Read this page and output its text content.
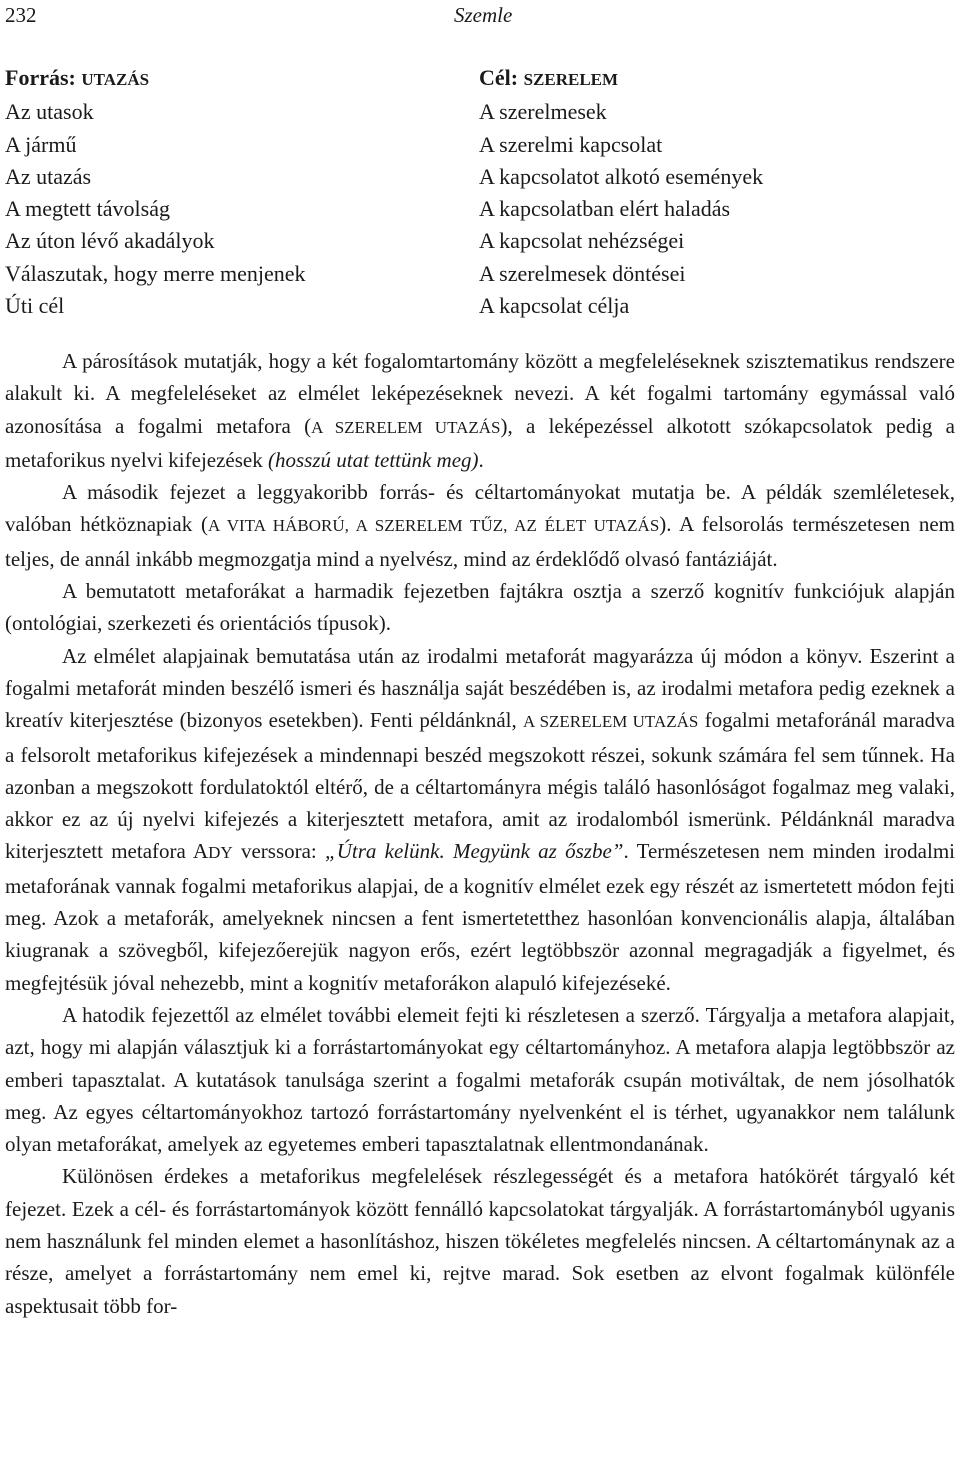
232	Szemle
Forrás: UTAZÁS
Az utasok
A jármű
Az utazás
A megtett távolság
Az úton lévő akadályok
Válaszutak, hogy merre menjenek
Úti cél
Cél: SZERELEM
A szerelmesek
A szerelmi kapcsolat
A kapcsolatot alkotó események
A kapcsolatban elért haladás
A kapcsolat nehézségei
A szerelmesek döntései
A kapcsolat célja

A párosítások mutatják, hogy a két fogalomtartomány között a megfeleléseknek szisztematikus rendszere alakult ki. A megfeleléseket az elmélet leképezéseknek nevezi. A két fogalmi tartomány egymással való azonosítása a fogalmi metafora (A SZERELEM UTAZÁS), a leképezéssel alkotott szókapcsolatok pedig a metaforikus nyelvi kifejezések (hosszú utat tettünk meg).

A második fejezet a leggyakoribb forrás- és céltartományokat mutatja be. A példák szemléletesek, valóban hétköznapiak (A VITA HÁBORÚ, A SZERELEM TŰZ, AZ ÉLET UTAZÁS). A felsorolás természetesen nem teljes, de annál inkább megmozgatja mind a nyelvész, mind az érdeklődő olvasó fantáziáját.

A bemutatott metaforákat a harmadik fejezetben fajtákra osztja a szerző kognitív funkciójuk alapján (ontológiai, szerkezeti és orientációs típusok).

Az elmélet alapjainak bemutatása után az irodalmi metaforát magyarázza új módon a könyv. Eszerint a fogalmi metaforát minden beszélő ismeri és használja saját beszédében is, az irodalmi metafora pedig ezeknek a kreatív kiterjesztése (bizonyos esetekben). Fenti példánknál, A SZERELEM UTAZÁS fogalmi metaforánál maradva a felsorolt metaforikus kifejezések a mindennapi beszéd megszokott részei, sokunk számára fel sem tűnnek. Ha azonban a megszokott fordulatoktól eltérő, de a céltartományra mégis találó hasonlóságot fogalmaz meg valaki, akkor ez az új nyelvi kifejezés a kiterjesztett metafora, amit az irodalomból ismerünk. Példánknál maradva kiterjesztett metafora ADY verssora: „Útra kelünk. Megyünk az őszbe”. Természetesen nem minden irodalmi metaforának vannak fogalmi metaforikus alapjai, de a kognitív elmélet ezek egy részét az ismertetett módon fejti meg. Azok a metaforák, amelyeknek nincsen a fent ismertetetthez hasonlóan konvencionális alapja, általában kiugranak a szövegből, kifejezőerejük nagyon erős, ezért legtöbbször azonnal megragadják a figyelmet, és megfejtésük jóval nehezebb, mint a kognitív metaforákon alapuló kifejezéseké.

A hatodik fejezettől az elmélet további elemeit fejti ki részletesen a szerző. Tárgyalja a metafora alapjait, azt, hogy mi alapján választjuk ki a forrástartományokat egy céltartományhoz. A metafora alapja legtöbbször az emberi tapasztalat. A kutatások tanulsága szerint a fogalmi metaforák csupán motiváltak, de nem jósolhatók meg. Az egyes céltartományokhoz tartozó forrástartomány nyelvenként el is térhet, ugyanakkor nem találunk olyan metaforákat, amelyek az egyetemes emberi tapasztalatnak ellentmondanának.

Különösen érdekes a metaforikus megfelelések részlegességét és a metafora hatókörét tárgyaló két fejezet. Ezek a cél- és forrástartományok között fennálló kapcsolatokat tárgyalják. A forrástartományból ugyanis nem használunk fel minden elemet a hasonlításhoz, hiszen tökéletes megfelelés nincsen. A céltartománynak az a része, amelyet a forrástartomány nem emel ki, rejtve marad. Sok esetben az elvont fogalmak különféle aspektusait több for-
